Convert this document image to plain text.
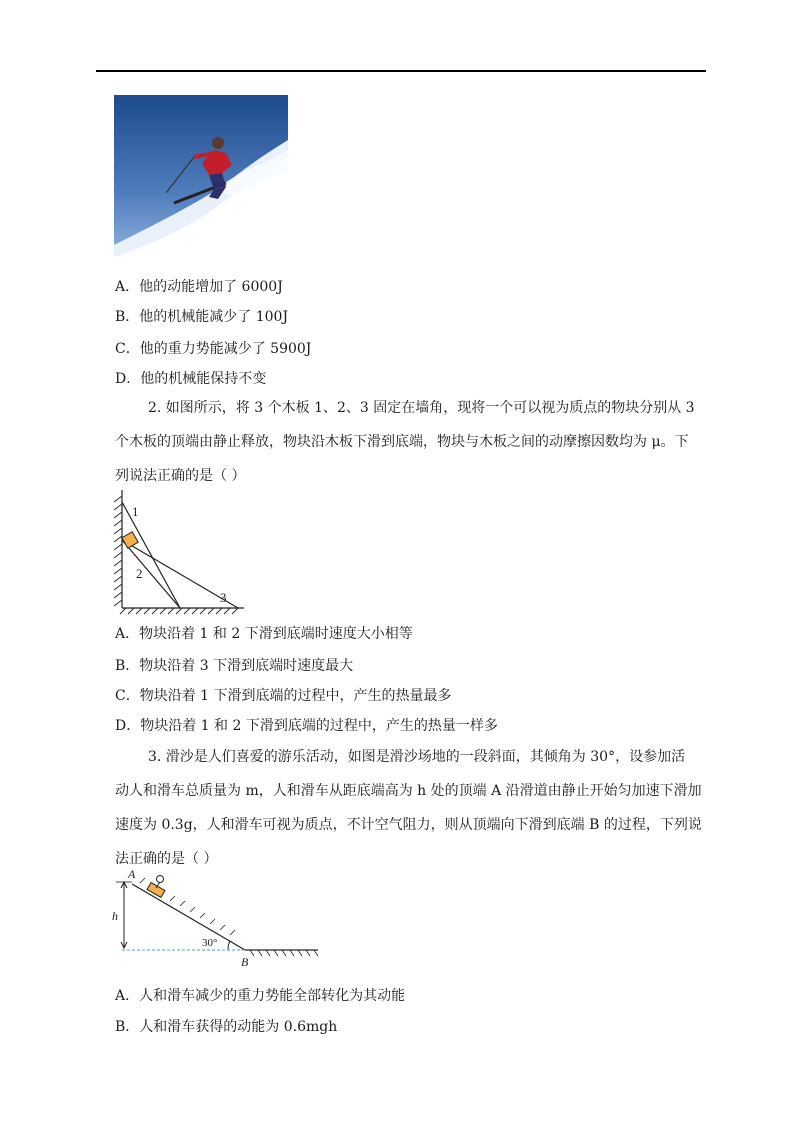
A．他的动能增加了 6000J
B．他的机械能减少了 100J
C．他的重力势能减少了 5900J
D．他的机械能保持不变
2. 如图所示，将 3 个木板 1、2、3 固定在墙角，现将一个可以视为质点的物块分别从 3
个木板的顶端由静止释放，物块沿木板下滑到底端，物块与木板之间的动摩擦因数均为 μ。下
列说法正确的是（ ）
1
2
3
A．物块沿着 1 和 2 下滑到底端时速度大小相等
B．物块沿着 3 下滑到底端时速度最大
C．物块沿着 1 下滑到底端的过程中，产生的热量最多
D．物块沿着 1 和 2 下滑到底端的过程中，产生的热量一样多
3. 滑沙是人们喜爱的游乐活动，如图是滑沙场地的一段斜面，其倾角为 30°，设参加活
动人和滑车总质量为 m，人和滑车从距底端高为 h 处的顶端 A 沿滑道由静止开始匀加速下滑加
速度为 0.3g，人和滑车可视为质点，不计空气阻力，则从顶端向下滑到底端 B 的过程，下列说
法正确的是（ ）
A
B
h
30°
A．人和滑车减少的重力势能全部转化为其动能
B．人和滑车获得的动能为 0.6mgh
